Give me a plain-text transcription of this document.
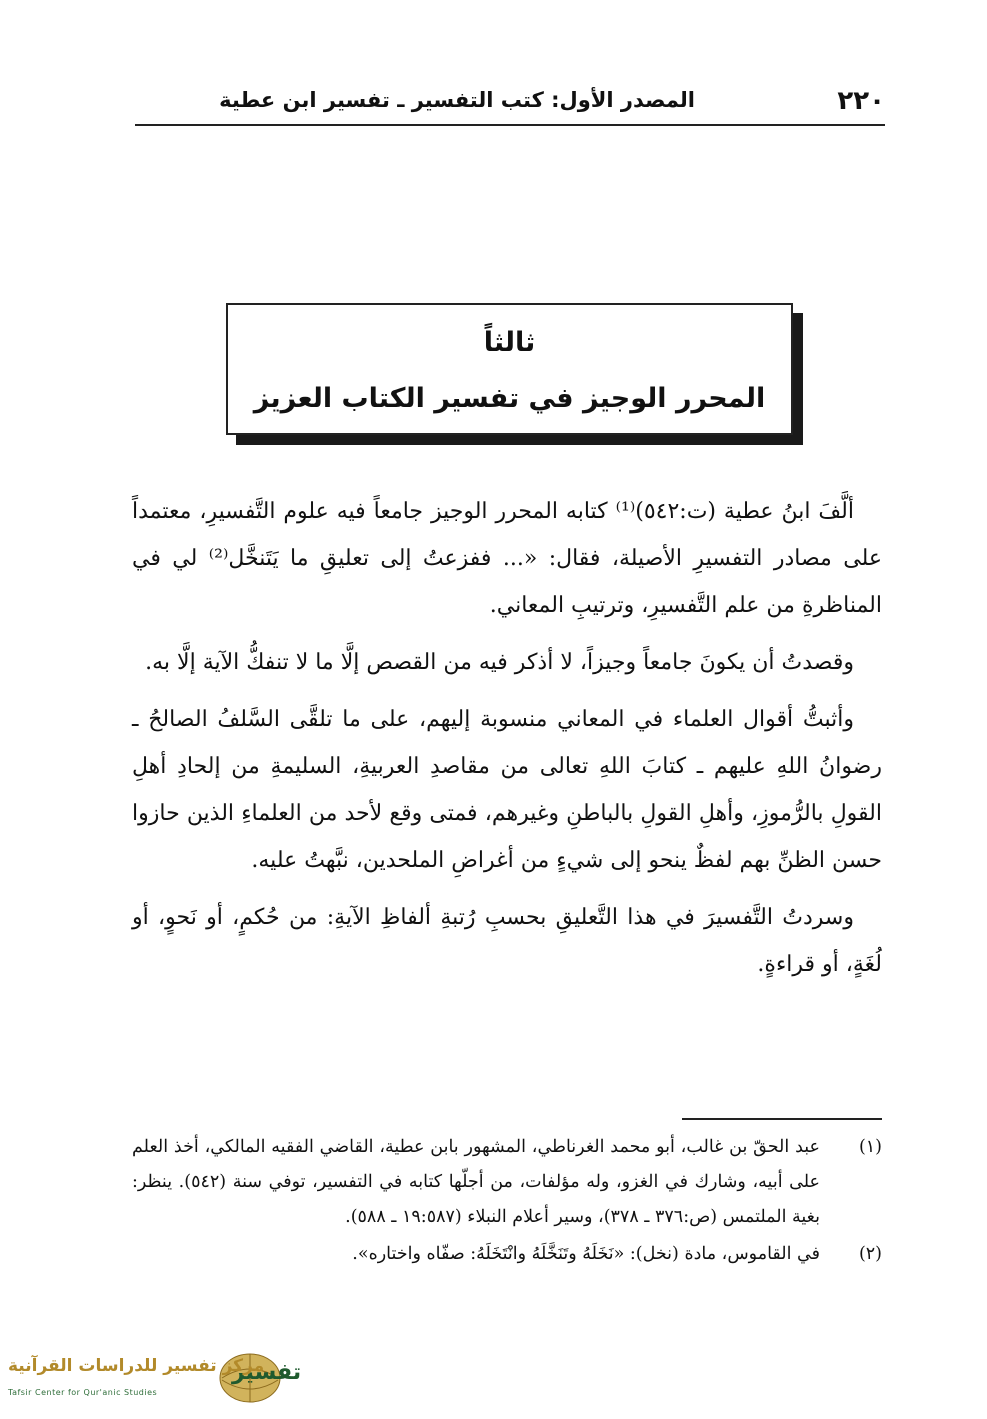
٢٢٠
المصدر الأول: كتب التفسير ـ تفسير ابن عطية
ثالثاً
المحرر الوجيز في تفسير الكتاب العزيز

ألَّفَ ابنُ عطية (ت:٥٤٢)⁽¹⁾ كتابه المحرر الوجيز جامعاً فيه علوم التَّفسيرِ، معتمداً على مصادر التفسيرِ الأصيلة، فقال: «... ففزعتُ إلى تعليقِ ما يَتَنخَّل⁽²⁾ لي في المناظرةِ من علم التَّفسيرِ، وترتيبِ المعاني.

وقصدتُ أن يكونَ جامعاً وجيزاً، لا أذكر فيه من القصص إلَّا ما لا تنفكُّ الآية إلَّا به.

وأثبتُّ أقوال العلماء في المعاني منسوبة إليهم، على ما تلقَّى السَّلفُ الصالحُ ـ رضوانُ اللهِ عليهم ـ كتابَ اللهِ تعالى من مقاصدِ العربيةِ، السليمةِ من إلحادِ أهلِ القولِ بالرُّموزِ، وأهلِ القولِ بالباطنِ وغيرهم، فمتى وقع لأحد من العلماءِ الذين حازوا حسن الظنِّ بهم لفظٌ ينحو إلى شيءٍ من أغراضِ الملحدين، نبَّهتُ عليه.

وسردتُ التَّفسيرَ في هذا التَّعليقِ بحسبِ رُتبةِ ألفاظِ الآيةِ: من حُكمٍ، أو نَحوٍ، أو لُغَةٍ، أو قراءةٍ.

(١)
عبد الحقّ بن غالب، أبو محمد الغرناطي، المشهور بابن عطية، القاضي الفقيه المالكي، أخذ العلم على أبيه، وشارك في الغزو، وله مؤلفات، من أجلّها كتابه في التفسير، توفي سنة (٥٤٢). ينظر: بغية الملتمس (ص:٣٧٦ ـ ٣٧٨)، وسير أعلام النبلاء (١٩:٥٨٧ ـ ٥٨٨).
(٢)
في القاموس، مادة (نخل): «نَخَلَهُ وتَنَخَّلَهُ وانْتَخَلَهُ: صفّاه واختاره».
تفسير
مركز تفسير للدراسات القرآنية
Tafsir Center for Qur'anic Studies
